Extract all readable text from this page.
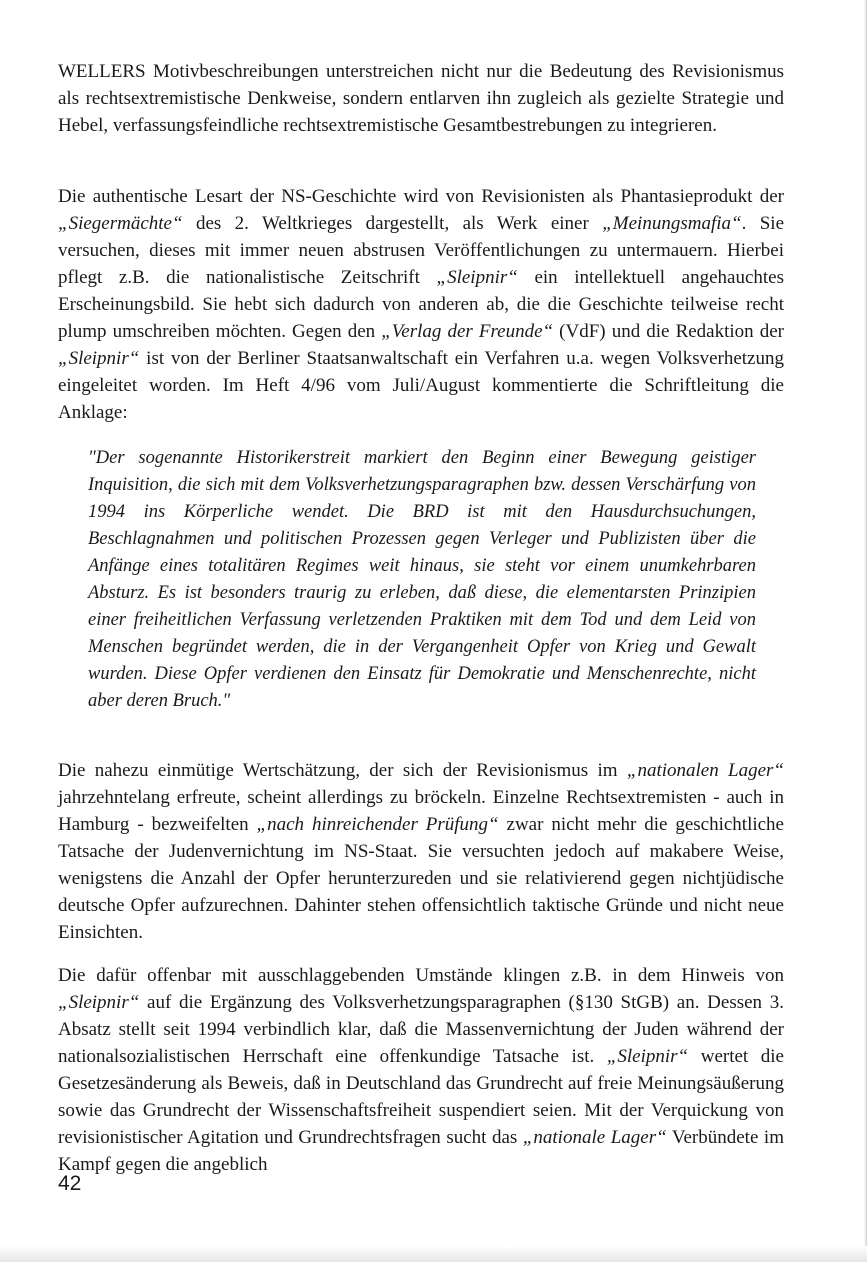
WELLERS Motivbeschreibungen unterstreichen nicht nur die Bedeutung des Revisionismus als rechtsextremistische Denkweise, sondern entlarven ihn zugleich als gezielte Strategie und Hebel, verfassungsfeindliche rechtsextremistische Gesamtbestrebungen zu integrieren.

Die authentische Lesart der NS-Geschichte wird von Revisionisten als Phantasieprodukt der „Siegermächte“ des 2. Weltkrieges dargestellt, als Werk einer „Meinungsmafia“. Sie versuchen, dieses mit immer neuen abstrusen Veröffentlichungen zu untermauern. Hierbei pflegt z.B. die nationalistische Zeitschrift „Sleipnir“ ein intellektuell angehauchtes Erscheinungsbild. Sie hebt sich dadurch von anderen ab, die die Geschichte teilweise recht plump umschreiben möchten. Gegen den „Verlag der Freunde“ (VdF) und die Redaktion der „Sleipnir“ ist von der Berliner Staatsanwaltschaft ein Verfahren u.a. wegen Volksverhetzung eingeleitet worden. Im Heft 4/96 vom Juli/August kommentierte die Schriftleitung die Anklage:

"Der sogenannte Historikerstreit markiert den Beginn einer Bewegung geistiger Inquisition, die sich mit dem Volksverhetzungsparagraphen bzw. dessen Verschärfung von 1994 ins Körperliche wendet. Die BRD ist mit den Hausdurchsuchungen, Beschlagnahmen und politischen Prozessen gegen Verleger und Publizisten über die Anfänge eines totalitären Regimes weit hinaus, sie steht vor einem unumkehrbaren Absturz. Es ist besonders traurig zu erleben, daß diese, die elementarsten Prinzipien einer freiheitlichen Verfassung verletzenden Praktiken mit dem Tod und dem Leid von Menschen begründet werden, die in der Vergangenheit Opfer von Krieg und Gewalt wurden. Diese Opfer verdienen den Einsatz für Demokratie und Menschenrechte, nicht aber deren Bruch."

Die nahezu einmütige Wertschätzung, der sich der Revisionismus im „nationalen Lager“ jahrzehntelang erfreute, scheint allerdings zu bröckeln. Einzelne Rechtsextremisten - auch in Hamburg - bezweifelten „nach hinreichender Prüfung“ zwar nicht mehr die geschichtliche Tatsache der Judenvernichtung im NS-Staat. Sie versuchten jedoch auf makabere Weise, wenigstens die Anzahl der Opfer herunterzureden und sie relativierend gegen nichtjüdische deutsche Opfer aufzurechnen. Dahinter stehen offensichtlich taktische Gründe und nicht neue Einsichten.

Die dafür offenbar mit ausschlaggebenden Umstände klingen z.B. in dem Hinweis von „Sleipnir“ auf die Ergänzung des Volksverhetzungsparagraphen (§130 StGB) an. Dessen 3. Absatz stellt seit 1994 verbindlich klar, daß die Massenvernichtung der Juden während der nationalsozialistischen Herrschaft eine offenkundige Tatsache ist. „Sleipnir“ wertet die Gesetzesänderung als Beweis, daß in Deutschland das Grundrecht auf freie Meinungsäußerung sowie das Grundrecht der Wissenschaftsfreiheit suspendiert seien. Mit der Verquickung von revisionistischer Agitation und Grundrechtsfragen sucht das „nationale Lager“ Verbündete im Kampf gegen die angeblich

42
